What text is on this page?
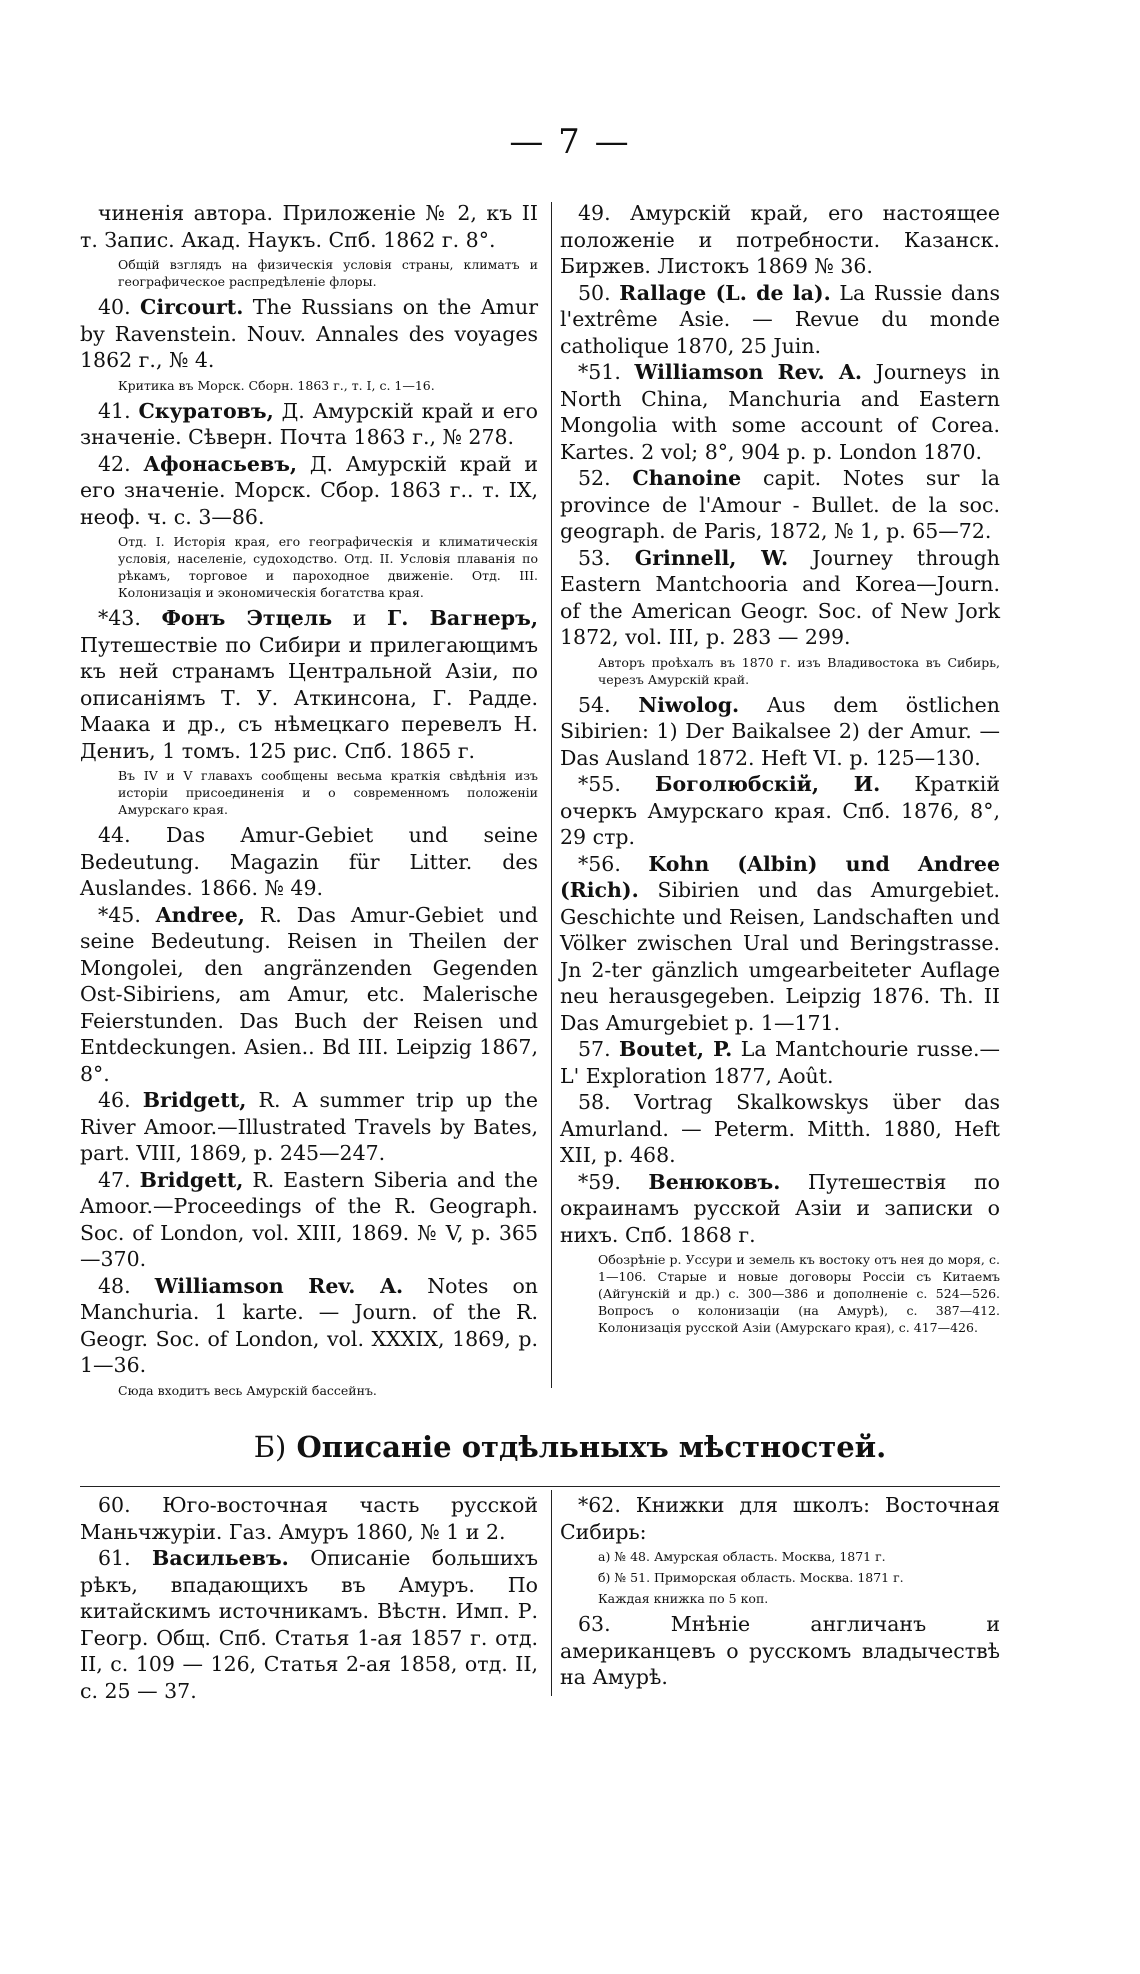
— 7 —

чиненія автора. Приложеніе № 2, къ II т. Запис. Акад. Наукъ. Спб. 1862 г. 8°.

Общій взглядъ на физическія условія страны, климатъ и географическое распредѣленіе флоры.

40. Circourt. The Russians on the Amur by Ravenstein. Nouv. Annales des voyages 1862 г., № 4.

Критика въ Морск. Сборн. 1863 г., т. I, с. 1—16.

41. Скуратовъ, Д. Амурскій край и его значеніе. Сѣверн. Почта 1863 г., № 278.

42. Афонасьевъ, Д. Амурскій край и его значеніе. Морск. Сбор. 1863 г.. т. IX, неоф. ч. с. 3—86.

Отд. I. Исторія края, его географическія и климатическія условія, населеніе, судоходство. Отд. II. Условія плаванія по рѣкамъ, торговое и пароходное движеніе. Отд. III. Колонизація и экономическія богатства края.

*43. Фонъ Этцель и Г. Вагнеръ, Путешествіе по Сибири и прилегающимъ къ ней странамъ Центральной Азіи, по описаніямъ Т. У. Аткинсона, Г. Радде. Маака и др., съ нѣмецкаго перевелъ Н. Дениъ, 1 томъ. 125 рис. Спб. 1865 г.

Въ IV и V главахъ сообщены весьма краткія свѣдѣнія изъ исторіи присоединенія и о современномъ положеніи Амурскаго края.

44. Das Amur-Gebiet und seine Bedeutung. Magazin für Litter. des Auslandes. 1866. № 49.

*45. Andree, R. Das Amur-Gebiet und seine Bedeutung. Reisen in Theilen der Mongolei, den angränzenden Gegenden Ost-Sibiriens, am Amur, etc. Malerische Feierstunden. Das Buch der Reisen und Entdeckungen. Asien.. Bd III. Leipzig 1867, 8°.

46. Bridgett, R. A summer trip up the River Amoor.—Illustrated Travels by Bates, part. VIII, 1869, p. 245—247.

47. Bridgett, R. Eastern Siberia and the Amoor.—Proceedings of the R. Geograph. Soc. of London, vol. XIII, 1869. № V, p. 365—370.

48. Williamson Rev. A. Notes on Manchuria. 1 karte. — Journ. of the R. Geogr. Soc. of London, vol. XXXIX, 1869, p. 1—36.

Сюда входитъ весь Амурскій бассейнъ.

49. Амурскій край, его настоящее положеніе и потребности. Казанск. Биржев. Листокъ 1869 № 36.

50. Rallage (L. de la). La Russie dans l'extrême Asie. — Revue du monde catholique 1870, 25 Juin.

*51. Williamson Rev. A. Journeys in North China, Manchuria and Eastern Mongolia with some account of Corea. Kartes. 2 vol; 8°, 904 p. p. London 1870.

52. Chanoine capit. Notes sur la province de l'Amour - Bullet. de la soc. geograph. de Paris, 1872, № 1, p. 65—72.

53. Grinnell, W. Journey through Eastern Mantchooria and Korea—Journ. of the American Geogr. Soc. of New Jork 1872, vol. III, p. 283 — 299.

Авторъ проѣхалъ въ 1870 г. изъ Владивостока въ Сибирь, черезъ Амурскій край.

54. Niwolog. Aus dem östlichen Sibirien: 1) Der Baikalsee 2) der Amur. — Das Ausland 1872. Heft VI. p. 125—130.

*55. Боголюбскій, И. Краткій очеркъ Амурскаго края. Спб. 1876, 8°, 29 стр.

*56. Kohn (Albin) und Andree (Rich). Sibirien und das Amurgebiet. Geschichte und Reisen, Landschaften und Völker zwischen Ural und Beringstrasse. Jn 2-ter gänzlich umgearbeiteter Auflage neu herausgegeben. Leipzig 1876. Th. II Das Amurgebiet p. 1—171.

57. Boutet, P. La Mantchourie russe.—L' Exploration 1877, Août.

58. Vortrag Skalkowskys über das Amurland. — Peterm. Mitth. 1880, Heft XII, p. 468.

*59. Венюковъ. Путешествія по окраинамъ русской Азіи и записки о нихъ. Спб. 1868 г.

Обозрѣніе р. Уссури и земель къ востоку отъ нея до моря, с. 1—106. Старые и новые договоры Россіи съ Китаемъ (Айгунскій и др.) с. 300—386 и дополненіе с. 524—526. Вопросъ о колонизаціи (на Амурѣ), с. 387—412. Колонизація русской Азіи (Амурскаго края), с. 417—426.

Б) Описаніе отдѣльныхъ мѣстностей.

60. Юго-восточная часть русской Маньчжуріи. Газ. Амуръ 1860, № 1 и 2.

61. Васильевъ. Описаніе большихъ рѣкъ, впадающихъ въ Амуръ. По китайскимъ источникамъ. Вѣстн. Имп. Р. Геогр. Общ. Спб. Статья 1-ая 1857 г. отд. II, с. 109 — 126, Статья 2-ая 1858, отд. II, с. 25 — 37.

*62. Книжки для школъ: Восточная Сибирь:

а) № 48. Амурская область. Москва, 1871 г.

б) № 51. Приморская область. Москва. 1871 г.

Каждая книжка по 5 коп.

63. Мнѣніе англичанъ и американцевъ о русскомъ владычествѣ на Амурѣ.
